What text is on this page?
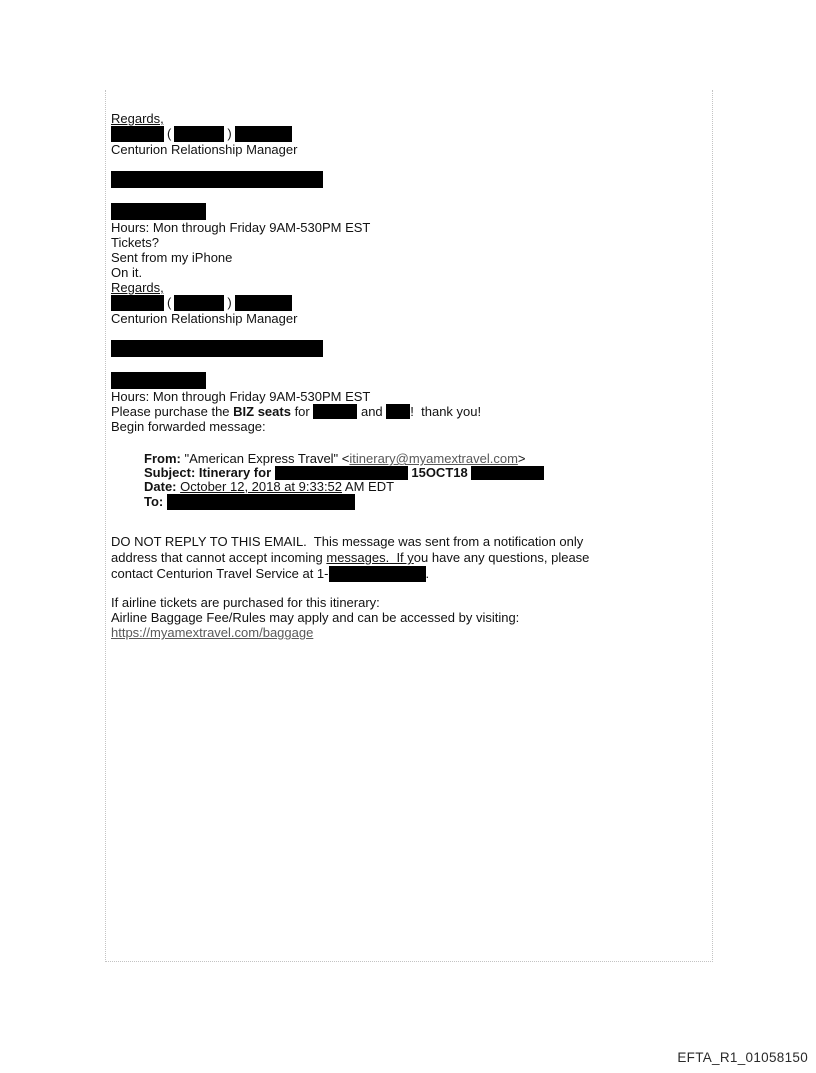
Regards,

(	)

Centurion Relationship Manager

Hours: Mon through Friday 9AM-530PM EST

Tickets?

Sent from my iPhone

On it.

Regards,

(	)

Centurion Relationship Manager

Hours: Mon through Friday 9AM-530PM EST

Please purchase the BIZ seats for	and !  thank you!

Begin forwarded message:

From: "American Express Travel" <itinerary@myamextravel.com>

Subject: Itinerary for	15OCT18

Date: October 12, 2018 at 9:33:52 AM EDT

To:

DO NOT REPLY TO THIS EMAIL.  This message was sent from a notification only

address that cannot accept incoming messages.  If you have any questions, please

contact Centurion Travel Service at 1-	.

If airline tickets are purchased for this itinerary:

Airline Baggage Fee/Rules may apply and can be accessed by visiting:

https://myamextravel.com/baggage

EFTA_R1_01058150
